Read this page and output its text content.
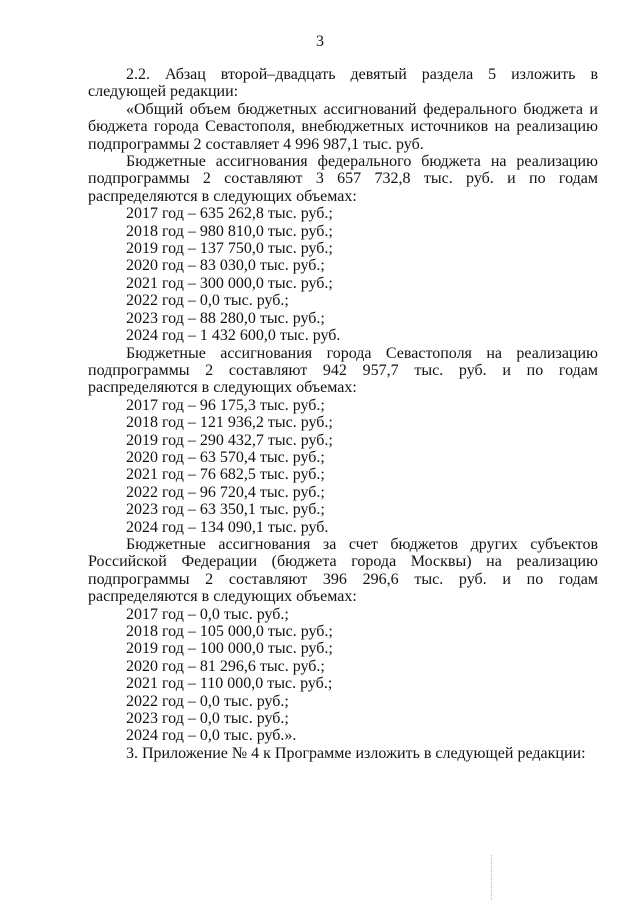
3

2.2. Абзац второй–двадцать девятый раздела 5 изложить в следующей редакции:

«Общий объем бюджетных ассигнований федерального бюджета и бюджета города Севастополя, внебюджетных источников на реализацию подпрограммы 2 составляет 4 996 987,1 тыс. руб.

Бюджетные ассигнования федерального бюджета на реализацию подпрограммы 2 составляют 3 657 732,8 тыс. руб. и по годам распределяются в следующих объемах:

2017 год – 635 262,8 тыс. руб.;

2018 год – 980 810,0 тыс. руб.;

2019 год – 137 750,0 тыс. руб.;

2020 год – 83 030,0 тыс. руб.;

2021 год – 300 000,0 тыс. руб.;

2022 год – 0,0 тыс. руб.;

2023 год – 88 280,0 тыс. руб.;

2024 год – 1 432 600,0 тыс. руб.

Бюджетные ассигнования города Севастополя на реализацию подпрограммы 2 составляют 942 957,7 тыс. руб. и по годам распределяются в следующих объемах:

2017 год – 96 175,3 тыс. руб.;

2018 год – 121 936,2 тыс. руб.;

2019 год – 290 432,7 тыс. руб.;

2020 год – 63 570,4 тыс. руб.;

2021 год – 76 682,5 тыс. руб.;

2022 год – 96 720,4 тыс. руб.;

2023 год – 63 350,1 тыс. руб.;

2024 год – 134 090,1 тыс. руб.

Бюджетные ассигнования за счет бюджетов других субъектов Российской Федерации (бюджета города Москвы) на реализацию подпрограммы 2 составляют 396 296,6 тыс. руб. и по годам распределяются в следующих объемах:

2017 год – 0,0 тыс. руб.;

2018 год – 105 000,0 тыс. руб.;

2019 год – 100 000,0 тыс. руб.;

2020 год – 81 296,6 тыс. руб.;

2021 год – 110 000,0 тыс. руб.;

2022 год – 0,0 тыс. руб.;

2023 год – 0,0 тыс. руб.;

2024 год – 0,0 тыс. руб.».

3. Приложение № 4 к Программе изложить в следующей редакции:
